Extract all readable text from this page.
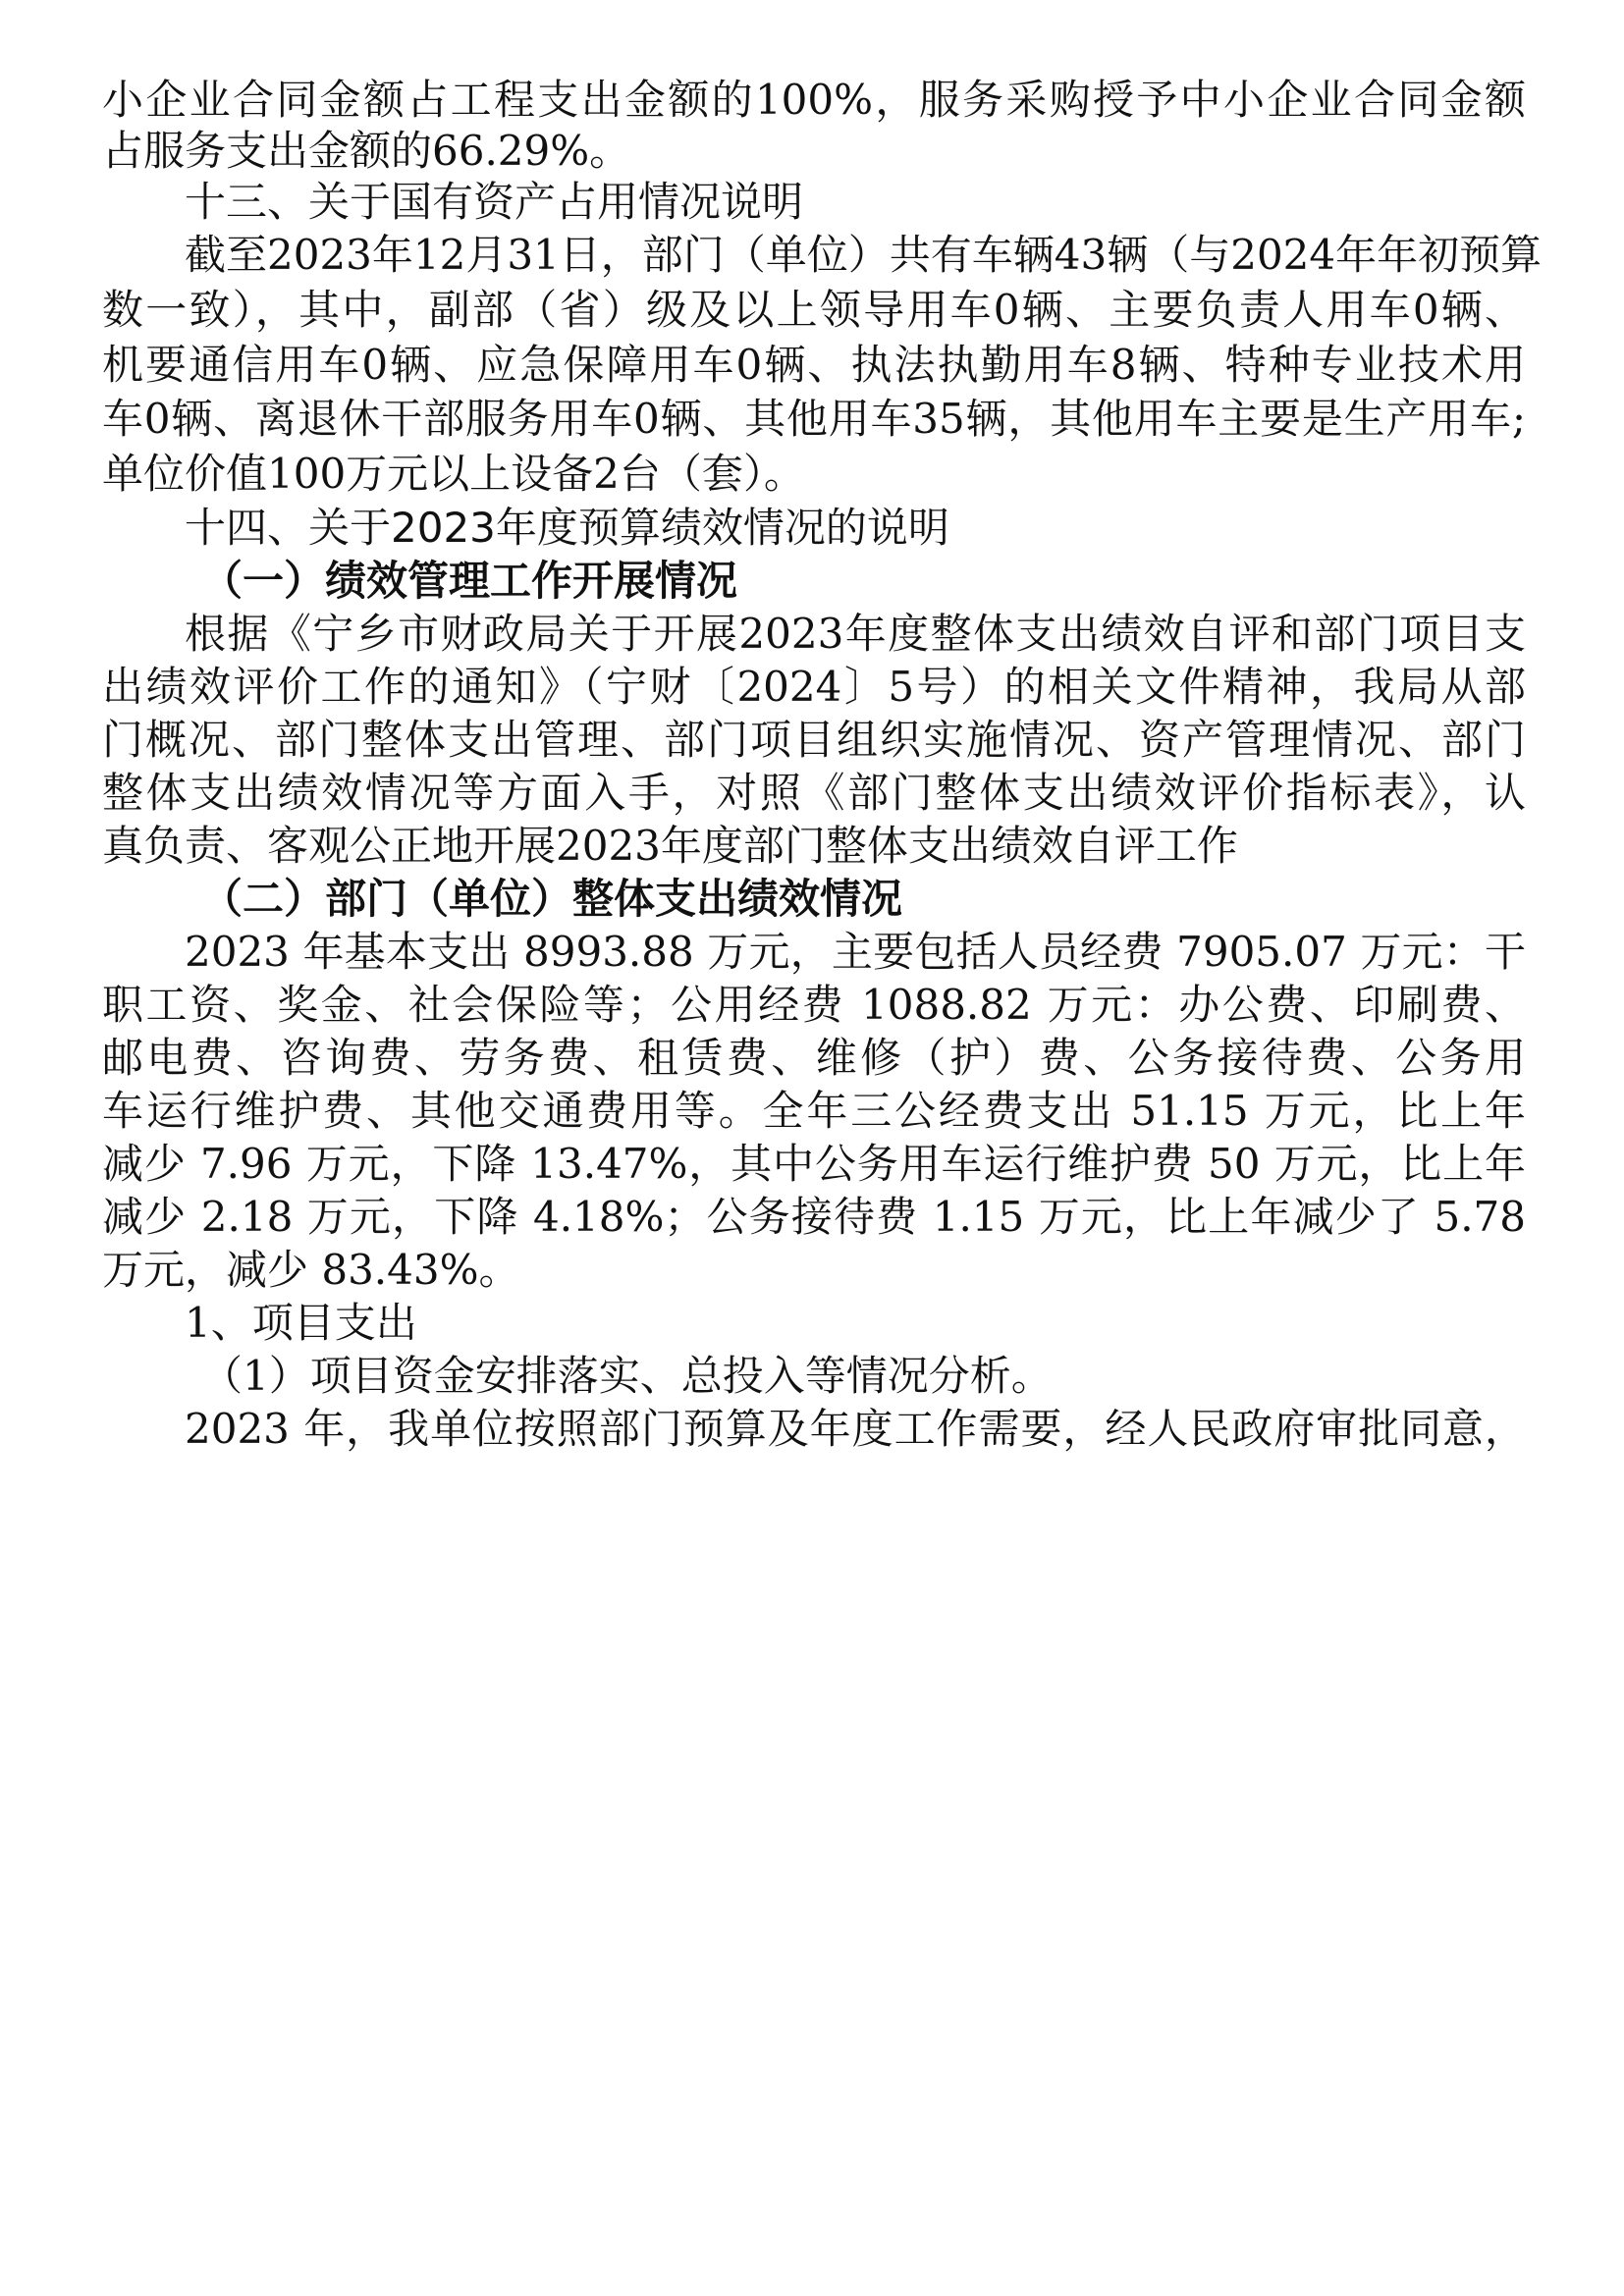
小企业合同金额占工程支出金额的100%，服务采购授予中小企业合同金额

占服务支出金额的66.29%。

十三、关于国有资产占用情况说明

截至2023年12月31日，部门（单位）共有车辆43辆（与2024年年初预算

数一致），其中，副部（省）级及以上领导用车0辆、主要负责人用车0辆、

机要通信用车0辆、应急保障用车0辆、执法执勤用车8辆、特种专业技术用

车0辆、离退休干部服务用车0辆、其他用车35辆，其他用车主要是生产用车;

单位价值100万元以上设备2台（套）。

十四、关于2023年度预算绩效情况的说明

（一）绩效管理工作开展情况

根据《宁乡市财政局关于开展2023年度整体支出绩效自评和部门项目支

出绩效评价工作的通知》（宁财〔2024〕5号）的相关文件精神，我局从部

门概况、部门整体支出管理、部门项目组织实施情况、资产管理情况、部门

整体支出绩效情况等方面入手，对照《部门整体支出绩效评价指标表》，认

真负责、客观公正地开展2023年度部门整体支出绩效自评工作

（二）部门（单位）整体支出绩效情况

2023 年基本支出 8993.88 万元，主要包括人员经费 7905.07 万元：干

职工资、奖金、社会保险等；公用经费 1088.82 万元：办公费、印刷费、

邮电费、咨询费、劳务费、租赁费、维修（护）费、公务接待费、公务用

车运行维护费、其他交通费用等。全年三公经费支出 51.15 万元，比上年

减少 7.96 万元，下降 13.47%，其中公务用车运行维护费 50 万元，比上年

减少 2.18 万元，下降 4.18%；公务接待费 1.15 万元，比上年减少了 5.78

万元，减少 83.43%。

1、项目支出

（1）项目资金安排落实、总投入等情况分析。

2023 年，我单位按照部门预算及年度工作需要，经人民政府审批同意，
